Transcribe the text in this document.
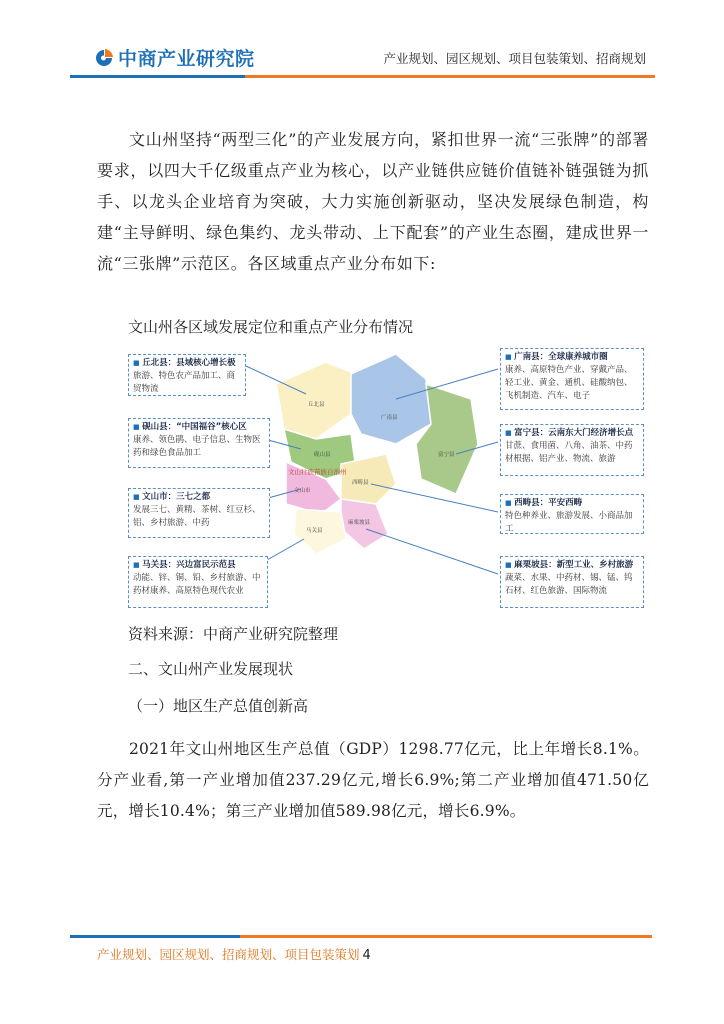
中商产业研究院	产业规划、园区规划、项目包装策划、招商规划

文山州坚持“两型三化”的产业发展方向，紧扣世界一流“三张牌”的部署要求，以四大千亿级重点产业为核心，以产业链供应链价值链补链强链为抓手、以龙头企业培育为突破，大力实施创新驱动，坚决发展绿色制造，构建“主导鲜明、绿色集约、龙头带动、上下配套”的产业生态圈，建成世界一流“三张牌”示范区。各区域重点产业分布如下:

文山州各区域发展定位和重点产业分布情况
丘北县
广南县
砚山县	富宁县
文山市
西畴县
麻栗坡县
马关县
文山壮族苗族自治州
■ 丘北县：县域核心增长极
旅游、特色农产品加工、商贸物流
■ 砚山县：“中国福谷”核心区
康养、领色鹃、电子信息、生物医药和绿色食品加工
■ 文山市：三七之都
发展三七、黄精、茶树、红豆杉、铝、乡村旅游、中药
■ 马关县：兴边富民示范县
动能、锌、铜、铅、乡村旅游、中药材康养、高原特色现代农业
■ 广南县：全球康养城市圈
康养、高原特色产业、穿戴产品、轻工业、黄金、通机、硅酸纳包、飞机制造、汽车、电子
■ 富宁县：云南东大门经济增长点
甘蔗、食用菌、八角、油茶、中药材根据、铝产业、物流、旅游
■ 西畴县：平安西畴
特色种养业、旅游发展、小商品加工
■ 麻栗坡县：新型工业、乡村旅游
蔬菜、水果、中药材、锡、锰、钨石材、红色旅游、国际物流
资料来源：中商产业研究院整理
二、文山州产业发展现状
（一）地区生产总值创新高

2021年文山州地区生产总值（GDP）1298.77亿元，比上年增长8.1%。分产业看,第一产业增加值237.29亿元,增长6.9%;第二产业增加值471.50亿元，增长10.4%；第三产业增加值589.98亿元，增长6.9%。

产业规划、园区规划、招商规划、项目包装策划 4
